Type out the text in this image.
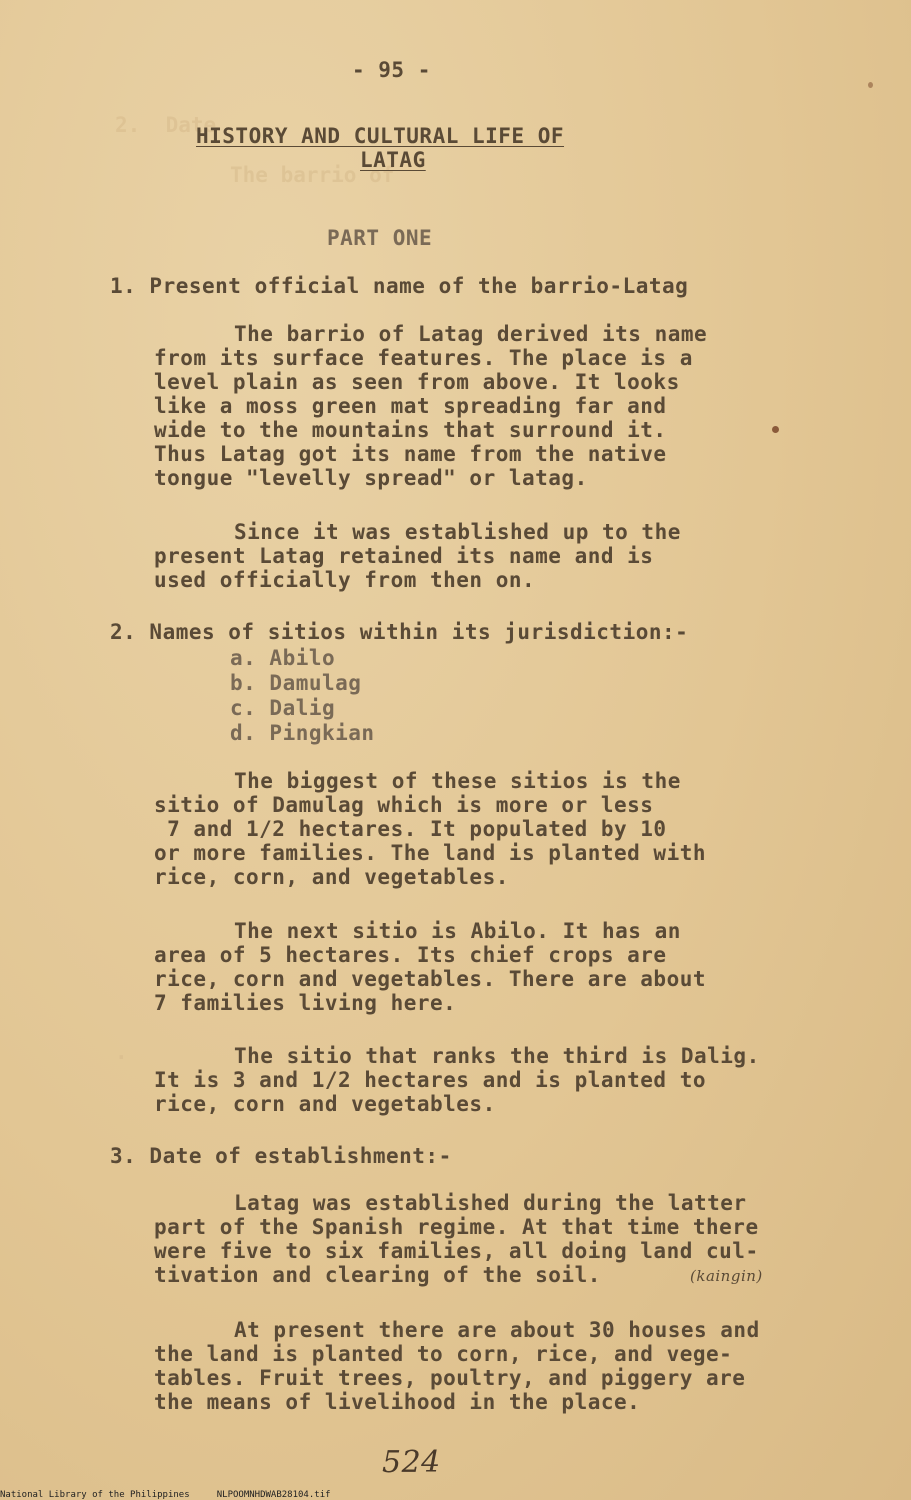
2.  Date
The barrio of
.
- 95 -
HISTORY AND CULTURAL LIFE OF
LATAG
PART ONE
1. Present official name of the barrio-Latag
The barrio of Latag derived its name
from its surface features. The place is a
level plain as seen from above. It looks
like a moss green mat spreading far and
wide to the mountains that surround it.
Thus Latag got its name from the native
tongue "levelly spread" or latag.
Since it was established up to the
present Latag retained its name and is
used officially from then on.
2. Names of sitios within its jurisdiction:-
a. Abilo
b. Damulag
c. Dalig
d. Pingkian
The biggest of these sitios is the
sitio of Damulag which is more or less
7 and 1/2 hectares. It populated by 10
or more families. The land is planted with
rice, corn, and vegetables.
The next sitio is Abilo. It has an
area of 5 hectares. Its chief crops are
rice, corn and vegetables. There are about
7 families living here.
The sitio that ranks the third is Dalig.
It is 3 and 1/2 hectares and is planted to
rice, corn and vegetables.
3. Date of establishment:-
Latag was established during the latter
part of the Spanish regime. At that time there
were five to six families, all doing land cul-
tivation and clearing of the soil.	(kaingin)
At present there are about 30 houses and
the land is planted to corn, rice, and vege-
tables. Fruit trees, poultry, and piggery are
the means of livelihood in the place.
524
National Library of the Philippines     NLPOOMNHDWAB28104.tif
